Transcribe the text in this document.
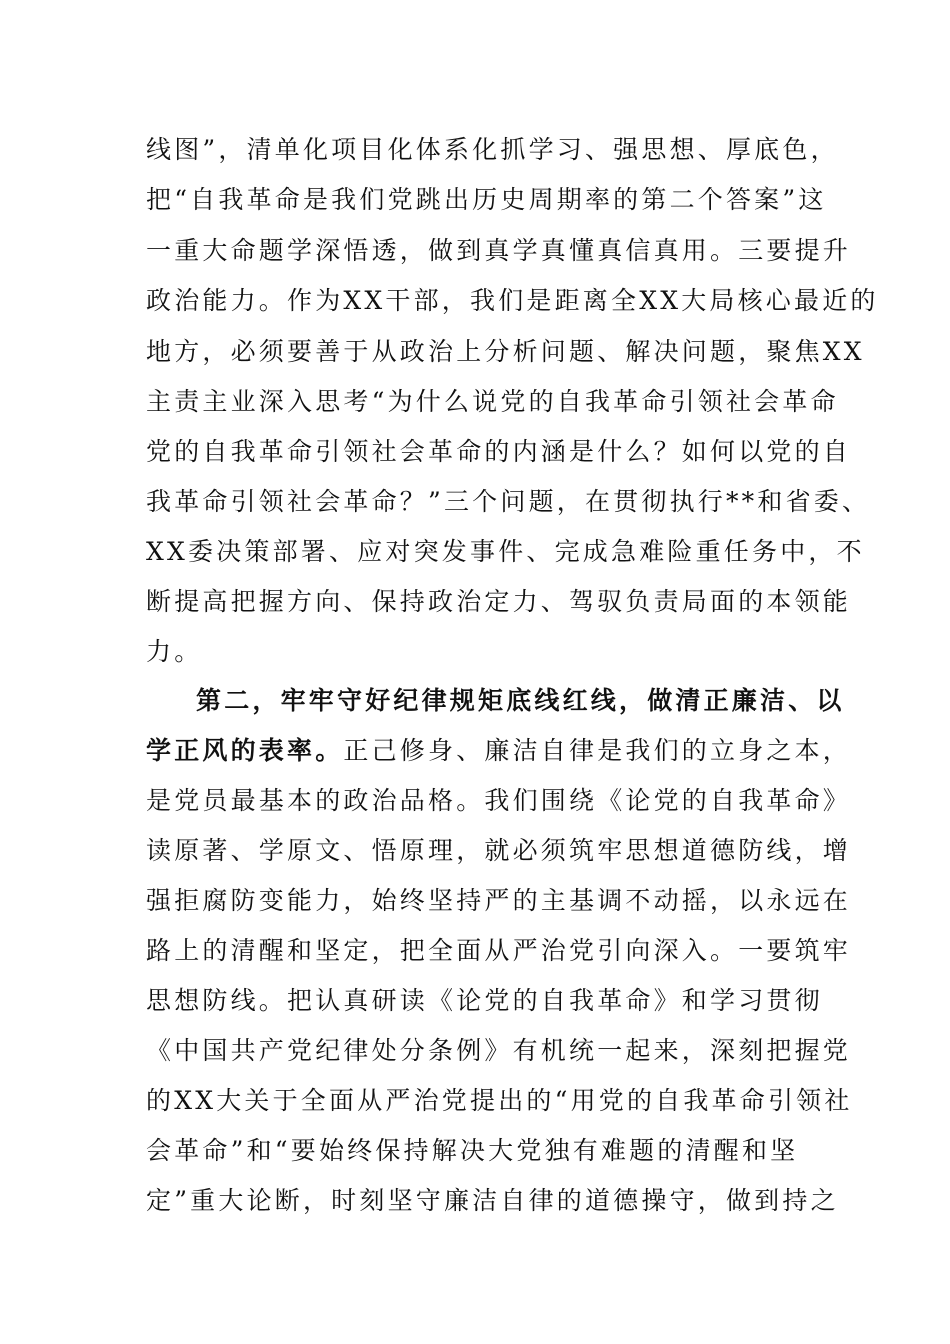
线图”，清单化项目化体系化抓学习、强思想、厚底色，
把“自我革命是我们党跳出历史周期率的第二个答案”这
一重大命题学深悟透，做到真学真懂真信真用。三要提升
政治能力。作为XX干部，我们是距离全XX大局核心最近的
地方，必须要善于从政治上分析问题、解决问题，聚焦XX
主责主业深入思考“为什么说党的自我革命引领社会革命
党的自我革命引领社会革命的内涵是什么？如何以党的自
我革命引领社会革命？”三个问题，在贯彻执行**和省委、
XX委决策部署、应对突发事件、完成急难险重任务中，不
断提高把握方向、保持政治定力、驾驭负责局面的本领能
力。
第二，牢牢守好纪律规矩底线红线，做清正廉洁、以
学正风的表率。正己修身、廉洁自律是我们的立身之本，
是党员最基本的政治品格。我们围绕《论党的自我革命》
读原著、学原文、悟原理，就必须筑牢思想道德防线，增
强拒腐防变能力，始终坚持严的主基调不动摇，以永远在
路上的清醒和坚定，把全面从严治党引向深入。一要筑牢
思想防线。把认真研读《论党的自我革命》和学习贯彻
《中国共产党纪律处分条例》有机统一起来，深刻把握党
的XX大关于全面从严治党提出的“用党的自我革命引领社
会革命”和“要始终保持解决大党独有难题的清醒和坚
定”重大论断，时刻坚守廉洁自律的道德操守，做到持之
